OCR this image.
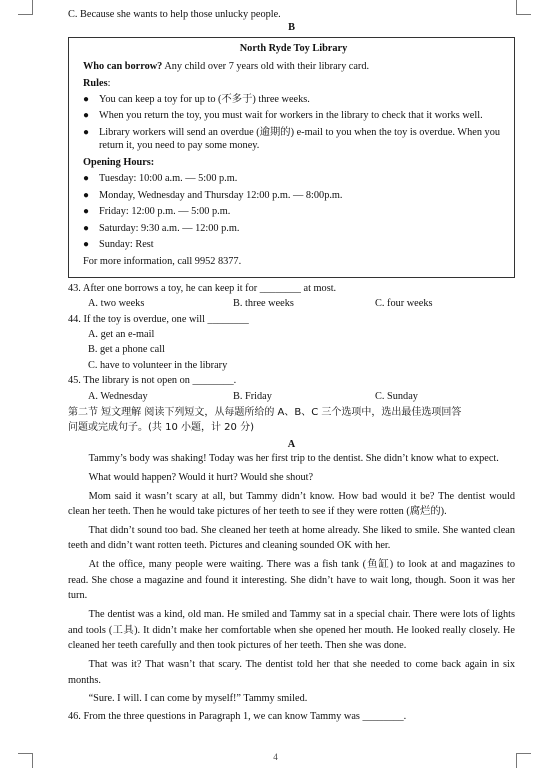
C. Because she wants to help those unlucky people.

B

North Ryde Toy Library

Who can borrow? Any child over 7 years old with their library card.

Rules:

● You can keep a toy for up to (不多于) three weeks.
● When you return the toy, you must wait for workers in the library to check that it works well.
● Library workers will send an overdue (逾期的) e-mail to you when the toy is overdue. When you return it, you need to pay some money.

Opening Hours:

● Tuesday: 10:00 a.m. — 5:00 p.m.
● Monday, Wednesday and Thursday 12:00 p.m. — 8:00p.m.
● Friday: 12:00 p.m. — 5:00 p.m.
● Saturday: 9:30 a.m. — 12:00 p.m.
● Sunday: Rest

For more information, call 9952 8377.

43. After one borrows a toy, he can keep it for ________ at most.

A. two weeks	B. three weeks	C. four weeks

44. If the toy is overdue, one will ________

A. get an e-mail

B. get a phone call

C. have to volunteer in the library

45. The library is not open on ________.

A. Wednesday	B. Friday	C. Sunday

第二节 短文理解 阅读下列短文，从每题所给的 A、B、C 三个选项中，选出最佳选项回答
问题或完成句子。(共 10 小题，计 20 分)

A

Tammy’s body was shaking! Today was her first trip to the dentist. She didn’t know what to expect.

What would happen? Would it hurt? Would she shout?

Mom said it wasn’t scary at all, but Tammy didn’t know. How bad would it be? The dentist would clean her teeth. Then he would take pictures of her teeth to see if they were rotten (腐烂的).

That didn’t sound too bad. She cleaned her teeth at home already. She liked to smile. She wanted clean teeth and didn’t want rotten teeth. Pictures and cleaning sounded OK with her.

At the office, many people were waiting. There was a fish tank (鱼缸) to look at and magazines to read. She chose a magazine and found it interesting. She didn’t have to wait long, though. Soon it was her turn.

The dentist was a kind, old man. He smiled and Tammy sat in a special chair. There were lots of lights and tools (工具). It didn’t make her comfortable when she opened her mouth. He looked really closely. He cleaned her teeth carefully and then took pictures of her teeth. Then she was done.

That was it? That wasn’t that scary. The dentist told her that she needed to come back again in six months.

“Sure. I will. I can come by myself!” Tammy smiled.

46. From the three questions in Paragraph 1, we can know Tammy was ________.

4
